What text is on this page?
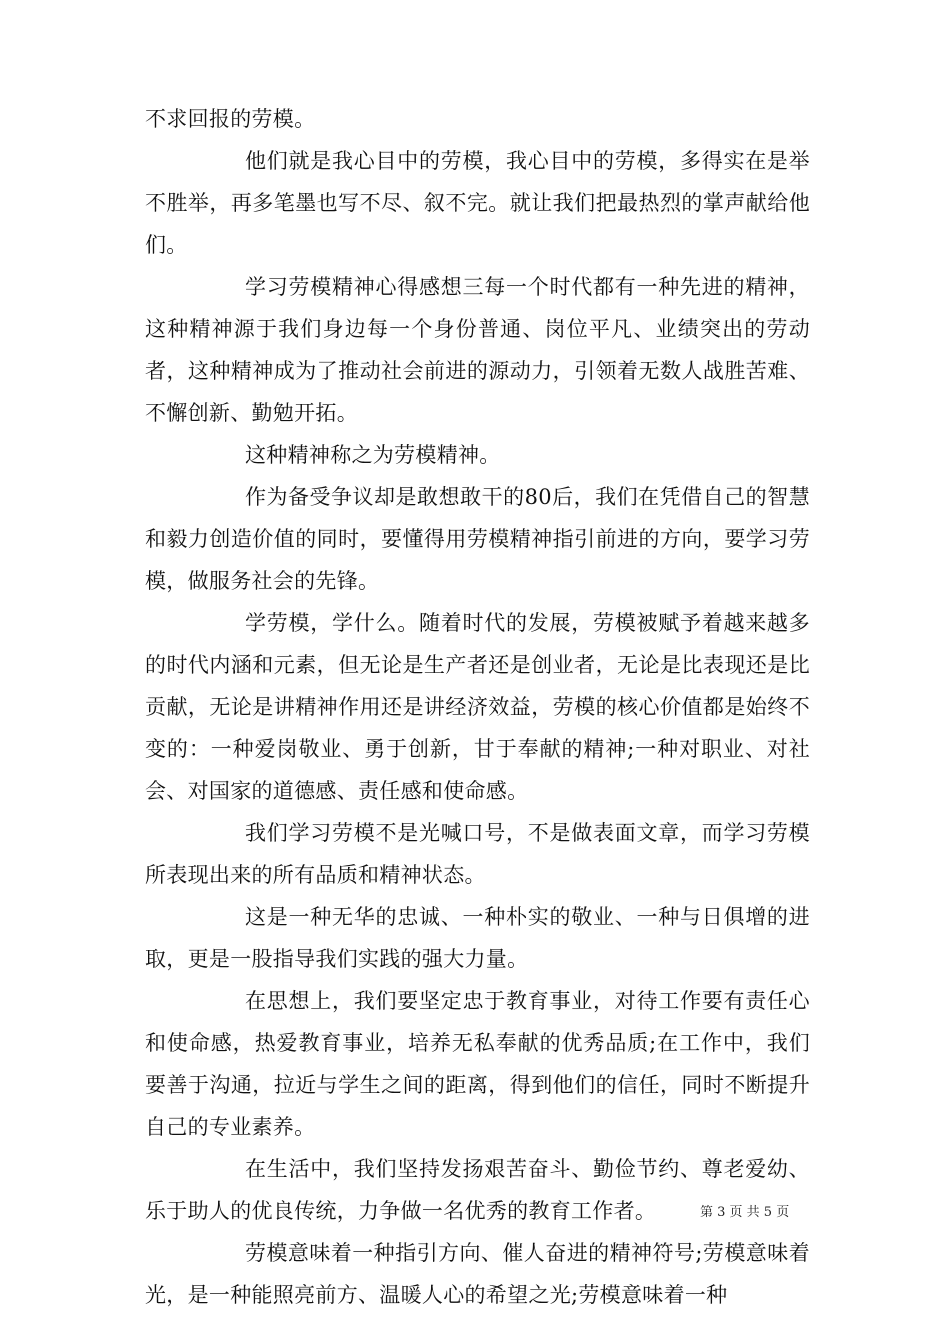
不求回报的劳模。

他们就是我心目中的劳模，我心目中的劳模，多得实在是举不胜举，再多笔墨也写不尽、叙不完。就让我们把最热烈的掌声献给他们。

学习劳模精神心得感想三每一个时代都有一种先进的精神，这种精神源于我们身边每一个身份普通、岗位平凡、业绩突出的劳动者，这种精神成为了推动社会前进的源动力，引领着无数人战胜苦难、不懈创新、勤勉开拓。

这种精神称之为劳模精神。

作为备受争议却是敢想敢干的80后，我们在凭借自己的智慧和毅力创造价值的同时，要懂得用劳模精神指引前进的方向，要学习劳模，做服务社会的先锋。

学劳模，学什么。随着时代的发展，劳模被赋予着越来越多的时代内涵和元素，但无论是生产者还是创业者，无论是比表现还是比贡献，无论是讲精神作用还是讲经济效益，劳模的核心价值都是始终不变的：一种爱岗敬业、勇于创新，甘于奉献的精神;一种对职业、对社会、对国家的道德感、责任感和使命感。

我们学习劳模不是光喊口号，不是做表面文章，而学习劳模所表现出来的所有品质和精神状态。

这是一种无华的忠诚、一种朴实的敬业、一种与日俱增的进取，更是一股指导我们实践的强大力量。

在思想上，我们要坚定忠于教育事业，对待工作要有责任心和使命感，热爱教育事业，培养无私奉献的优秀品质;在工作中，我们要善于沟通，拉近与学生之间的距离，得到他们的信任，同时不断提升自己的专业素养。

在生活中，我们坚持发扬艰苦奋斗、勤俭节约、尊老爱幼、乐于助人的优良传统，力争做一名优秀的教育工作者。

劳模意味着一种指引方向、催人奋进的精神符号;劳模意味着光，是一种能照亮前方、温暖人心的希望之光;劳模意味着一种

第 3 页 共 5 页
